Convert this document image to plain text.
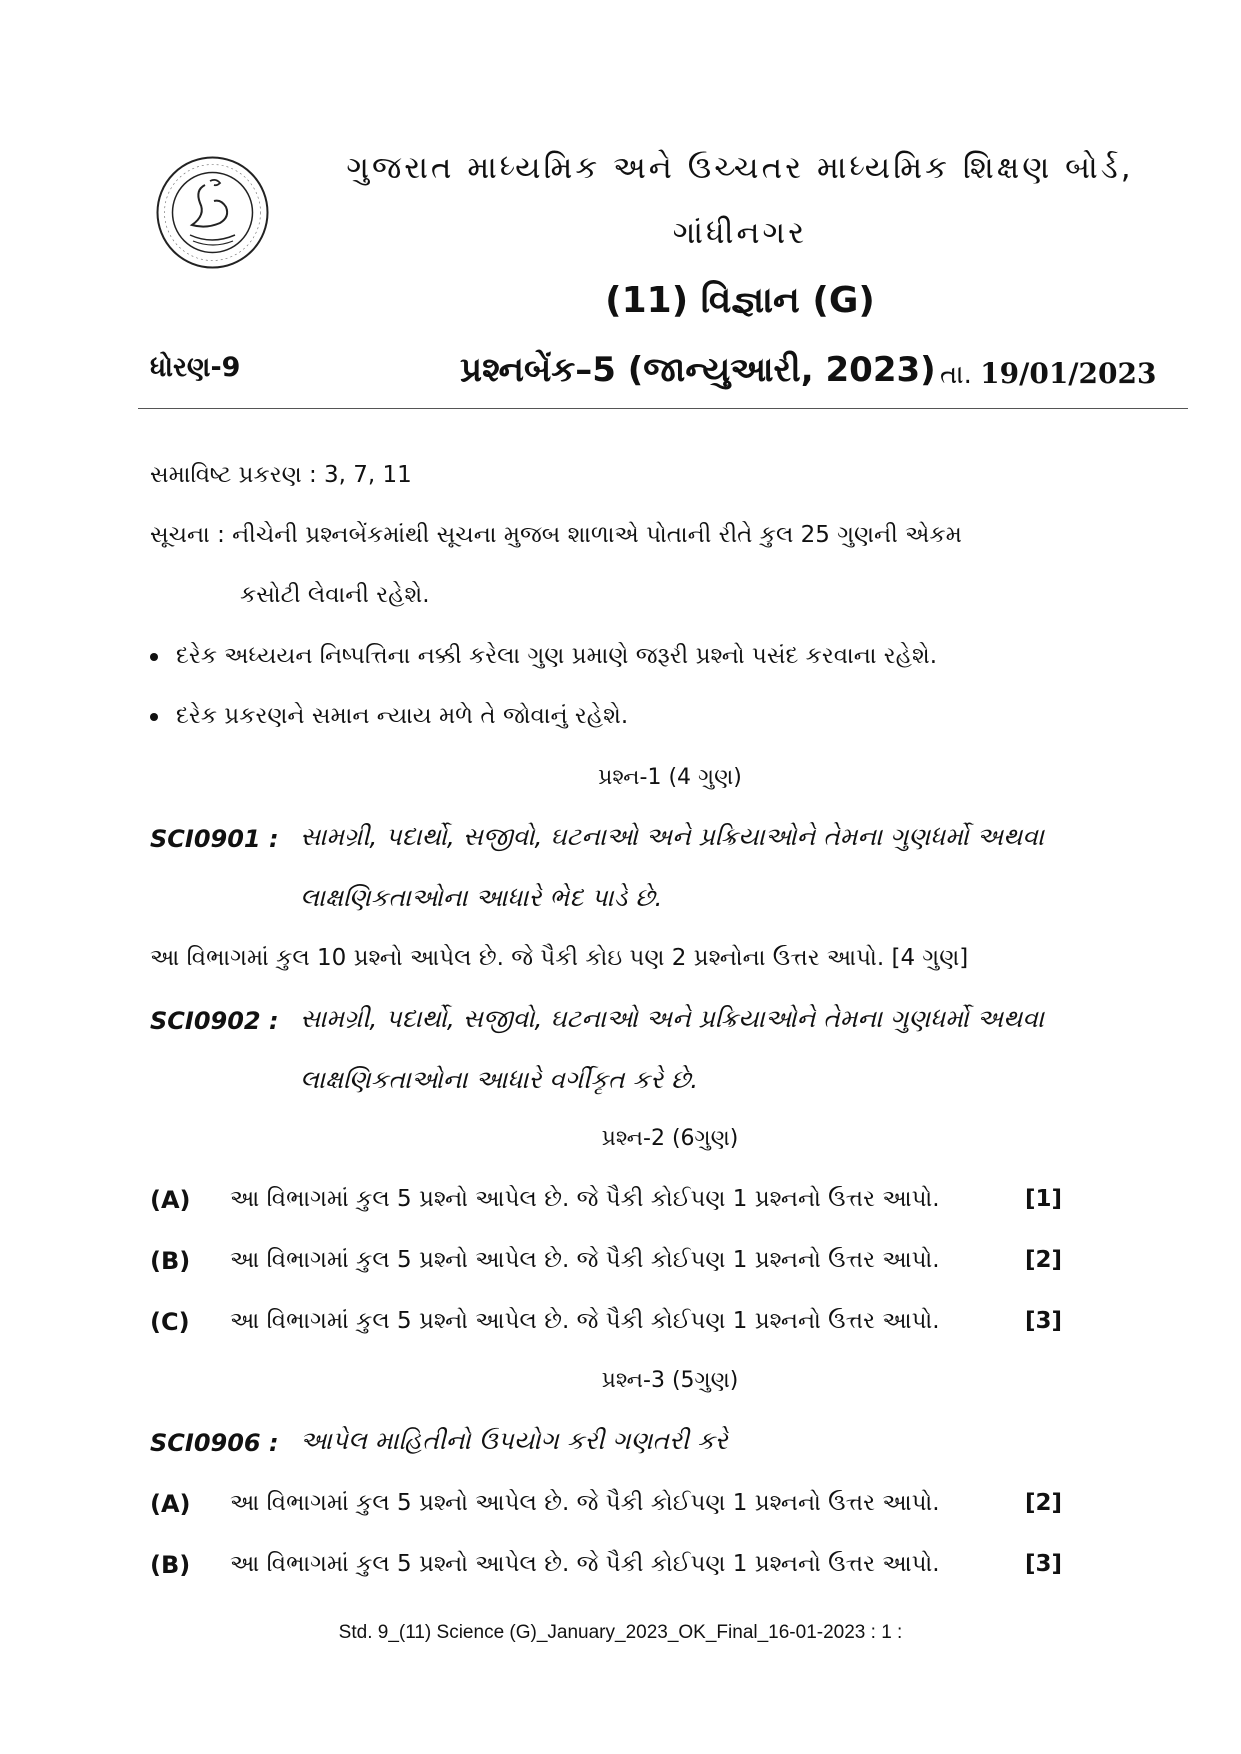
ગુજરાત માધ્યમિક અને ઉચ્ચતર માધ્યમિક શિક્ષણ બોર્ડ,
ગાંધીનગર
(11) વિજ્ઞાન (G)
ધોરણ-9	પ્રશ્નબેંક–5 (જાન્યુઆરી, 2023) તા. 19/01/2023
સમાવિષ્ટ પ્રકરણ : 3, 7, 11
સૂચના : નીચેની પ્રશ્નબેંકમાંથી સૂચના મુજબ શાળાએ પોતાની રીતે કુલ 25 ગુણની એકમ
કસોટી લેવાની રહેશે.
દરેક અધ્યયન નિષ્પત્તિના નક્કી કરેલા ગુણ પ્રમાણે જરૂરી પ્રશ્નો પસંદ કરવાના રહેશે.
દરેક પ્રકરણને સમાન ન્યાય મળે તે જોવાનું રહેશે.
પ્રશ્ન-1 (4 ગુણ)
SCI0901 : સામગ્રી, પદાર્થો, સજીવો, ઘટનાઓ અને પ્રક્રિયાઓને તેમના ગુણધર્મો અથવા
લાક્ષણિકતાઓના આધારે ભેદ પાડે છે.
આ વિભાગમાં કુલ 10 પ્રશ્નો આપેલ છે. જે પૈકી કોઇ પણ 2 પ્રશ્નોના ઉત્તર આપો. [4 ગુણ]
SCI0902 : સામગ્રી, પદાર્થો, સજીવો, ઘટનાઓ અને પ્રક્રિયાઓને તેમના ગુણધર્મો અથવા
લાક્ષણિકતાઓના આધારે વર્ગીકૃત કરે છે.
પ્રશ્ન-2 (6ગુણ)
(A) આ વિભાગમાં કુલ 5 પ્રશ્નો આપેલ છે. જે પૈકી કોઈપણ 1 પ્રશ્નનો ઉત્તર આપો.	[1]
(B) આ વિભાગમાં કુલ 5 પ્રશ્નો આપેલ છે. જે પૈકી કોઈપણ 1 પ્રશ્નનો ઉત્તર આપો.	[2]
(C) આ વિભાગમાં કુલ 5 પ્રશ્નો આપેલ છે. જે પૈકી કોઈપણ 1 પ્રશ્નનો ઉત્તર આપો.	[3]
પ્રશ્ન-3 (5ગુણ)
SCI0906 : આપેલ માહિતીનો ઉપયોગ કરી ગણતરી કરે
(A) આ વિભાગમાં કુલ 5 પ્રશ્નો આપેલ છે. જે પૈકી કોઈપણ 1 પ્રશ્નનો ઉત્તર આપો.	[2]
(B) આ વિભાગમાં કુલ 5 પ્રશ્નો આપેલ છે. જે પૈકી કોઈપણ 1 પ્રશ્નનો ઉત્તર આપો.	[3]
Std. 9_(11) Science (G)_January_2023_OK_Final_16-01-2023 : 1 :
